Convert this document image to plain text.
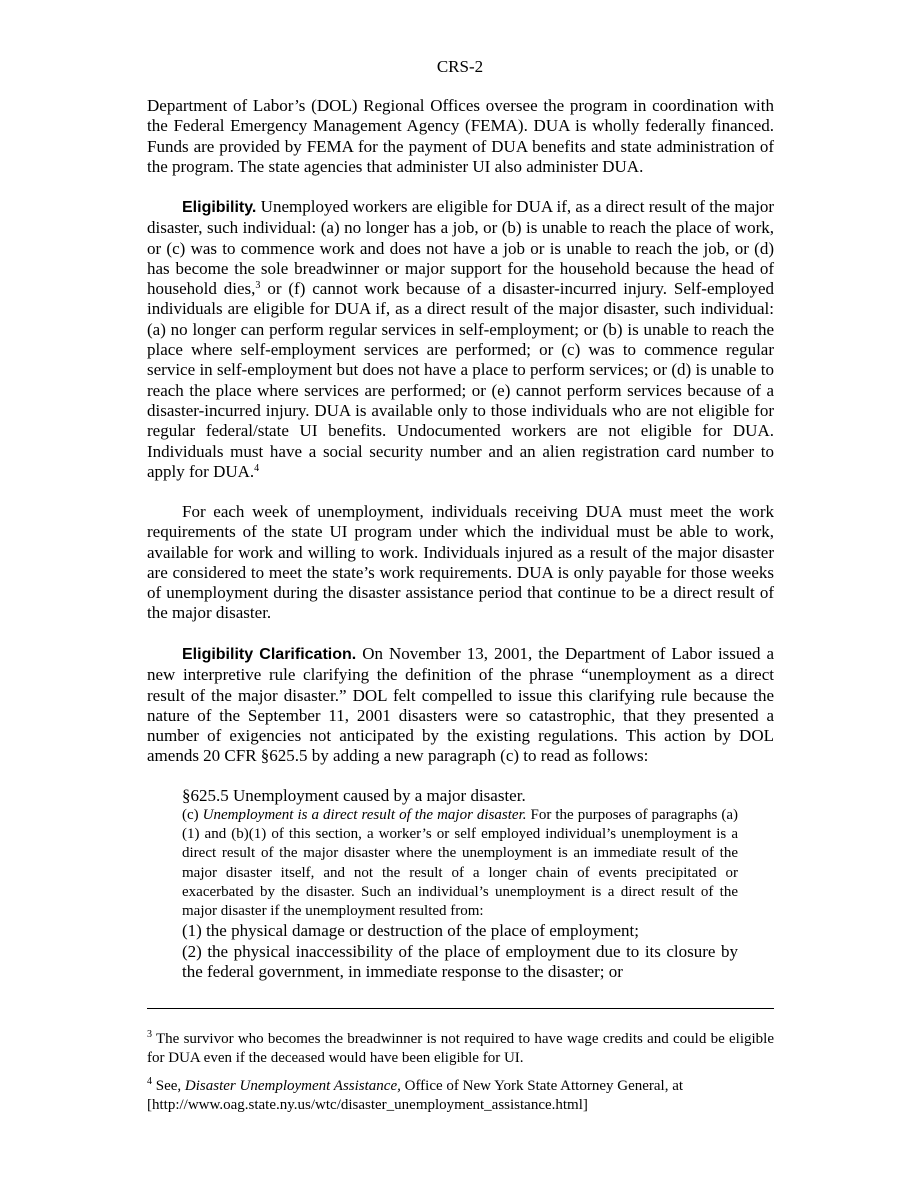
CRS-2

Department of Labor’s (DOL) Regional Offices oversee the program in coordination with the Federal Emergency Management Agency (FEMA). DUA is wholly federally financed. Funds are provided by FEMA for the payment of DUA benefits and state administration of the program. The state agencies that administer UI also administer DUA.

Eligibility. Unemployed workers are eligible for DUA if, as a direct result of the major disaster, such individual: (a) no longer has a job, or (b) is unable to reach the place of work, or (c) was to commence work and does not have a job or is unable to reach the job, or (d) has become the sole breadwinner or major support for the household because the head of household dies,$^3$ or (f) cannot work because of a disaster-incurred injury. Self-employed individuals are eligible for DUA if, as a direct result of the major disaster, such individual: (a) no longer can perform regular services in self-employment; or (b) is unable to reach the place where self-employment services are performed; or (c) was to commence regular service in self-employment but does not have a place to perform services; or (d) is unable to reach the place where services are performed; or (e) cannot perform services because of a disaster-incurred injury. DUA is available only to those individuals who are not eligible for regular federal/state UI benefits. Undocumented workers are not eligible for DUA. Individuals must have a social security number and an alien registration card number to apply for DUA.$^4$

For each week of unemployment, individuals receiving DUA must meet the work requirements of the state UI program under which the individual must be able to work, available for work and willing to work. Individuals injured as a result of the major disaster are considered to meet the state’s work requirements. DUA is only payable for those weeks of unemployment during the disaster assistance period that continue to be a direct result of the major disaster.

Eligibility Clarification. On November 13, 2001, the Department of Labor issued a new interpretive rule clarifying the definition of the phrase “unemployment as a direct result of the major disaster.” DOL felt compelled to issue this clarifying rule because the nature of the September 11, 2001 disasters were so catastrophic, that they presented a number of exigencies not anticipated by the existing regulations. This action by DOL amends 20 CFR §625.5 by adding a new paragraph (c) to read as follows:

§625.5 Unemployment caused by a major disaster.

(c) Unemployment is a direct result of the major disaster. For the purposes of paragraphs (a)(1) and (b)(1) of this section, a worker’s or self employed individual’s unemployment is a direct result of the major disaster where the unemployment is an immediate result of the major disaster itself, and not the result of a longer chain of events precipitated or exacerbated by the disaster. Such an individual’s unemployment is a direct result of the major disaster if the unemployment resulted from:

(1) the physical damage or destruction of the place of employment;

(2) the physical inaccessibility of the place of employment due to its closure by the federal government, in immediate response to the disaster; or

$^3$ The survivor who becomes the breadwinner is not required to have wage credits and could be eligible for DUA even if the deceased would have been eligible for UI.

$^4$ See, Disaster Unemployment Assistance, Office of New York State Attorney General, at [http://www.oag.state.ny.us/wtc/disaster_unemployment_assistance.html]
